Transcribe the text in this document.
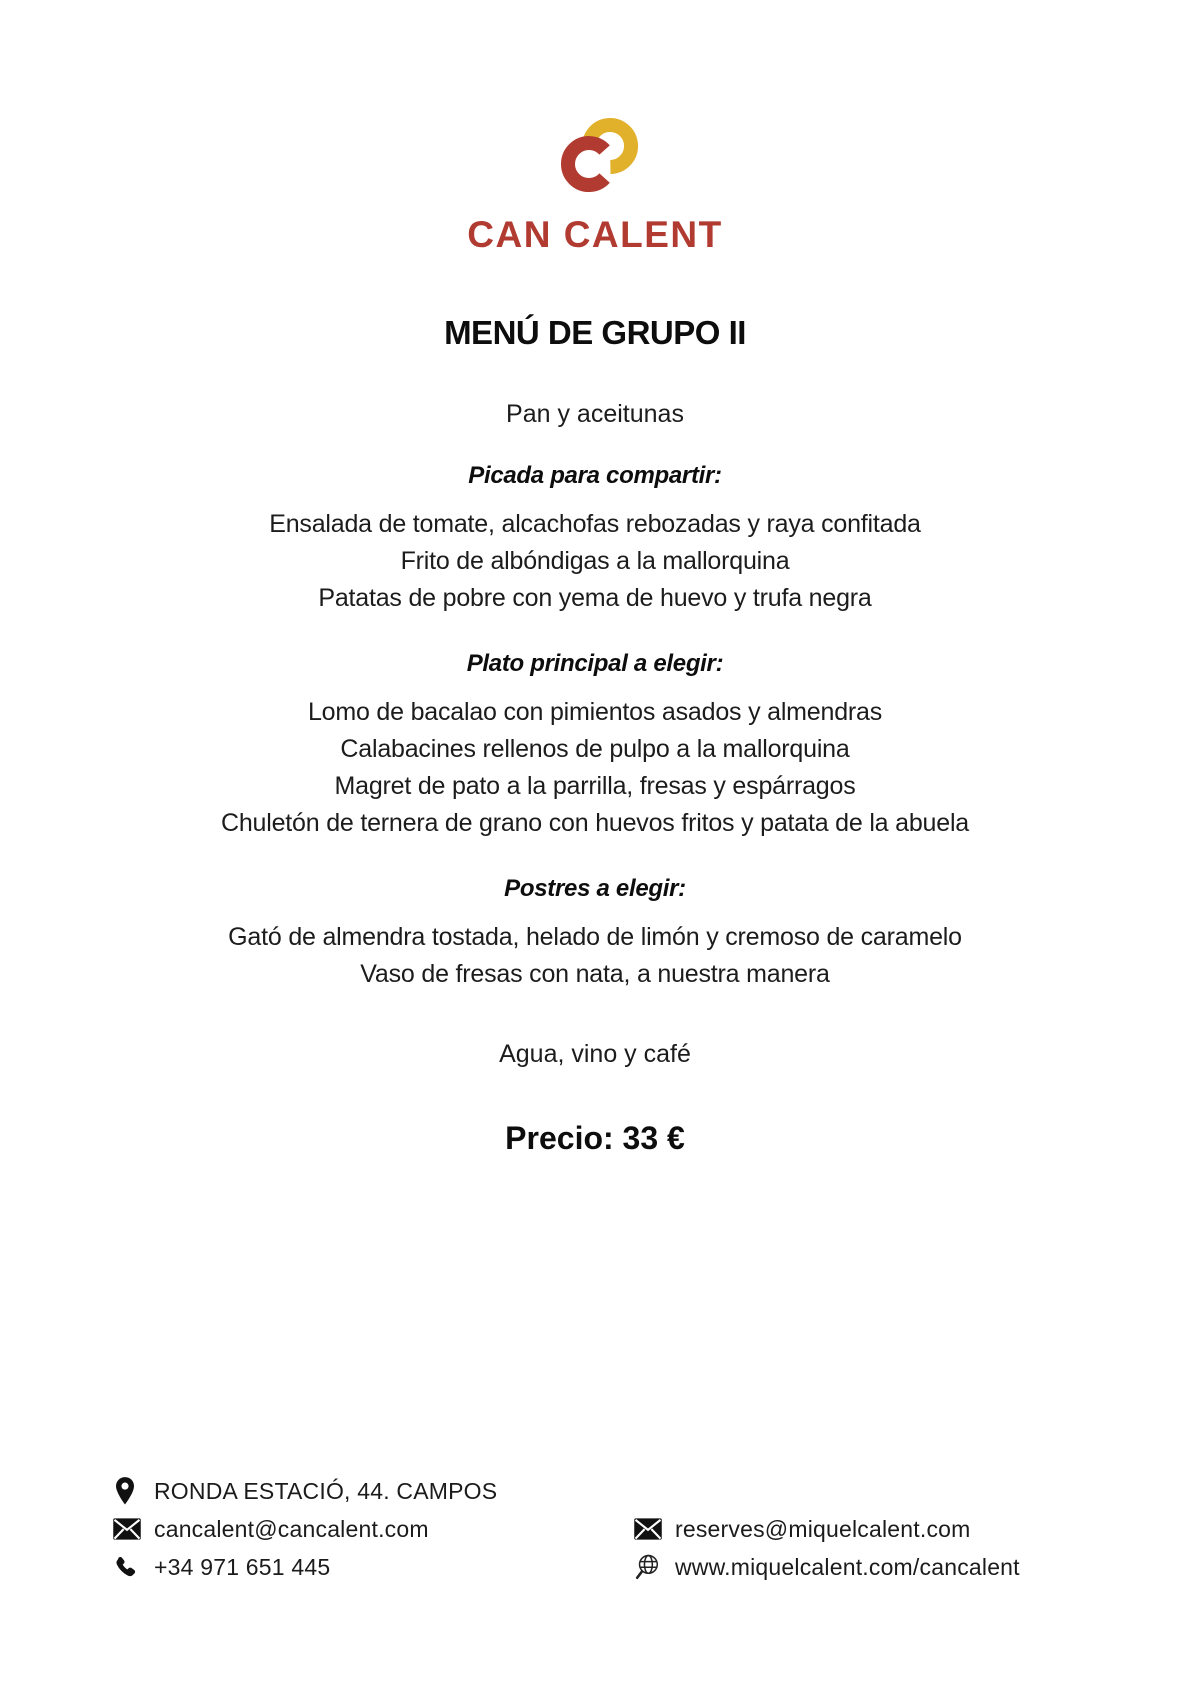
CAN CALENT
MENÚ DE GRUPO II
Pan y aceitunas
Picada para compartir:
Ensalada de tomate, alcachofas rebozadas y raya confitada
Frito de albóndigas a la mallorquina
Patatas de pobre con yema de huevo y trufa negra
Plato principal a elegir:
Lomo de bacalao con pimientos asados y almendras
Calabacines rellenos de pulpo a la mallorquina
Magret de pato a la parrilla, fresas y espárragos
Chuletón de ternera de grano con huevos fritos y patata de la abuela
Postres a elegir:
Gató de almendra tostada, helado de limón y cremoso de caramelo
Vaso de fresas con nata, a nuestra manera
Agua, vino y café
Precio: 33 €
RONDA ESTACIÓ, 44. CAMPOS
cancalent@cancalent.com
+34 971 651 445
reserves@miquelcalent.com
www.miquelcalent.com/cancalent
